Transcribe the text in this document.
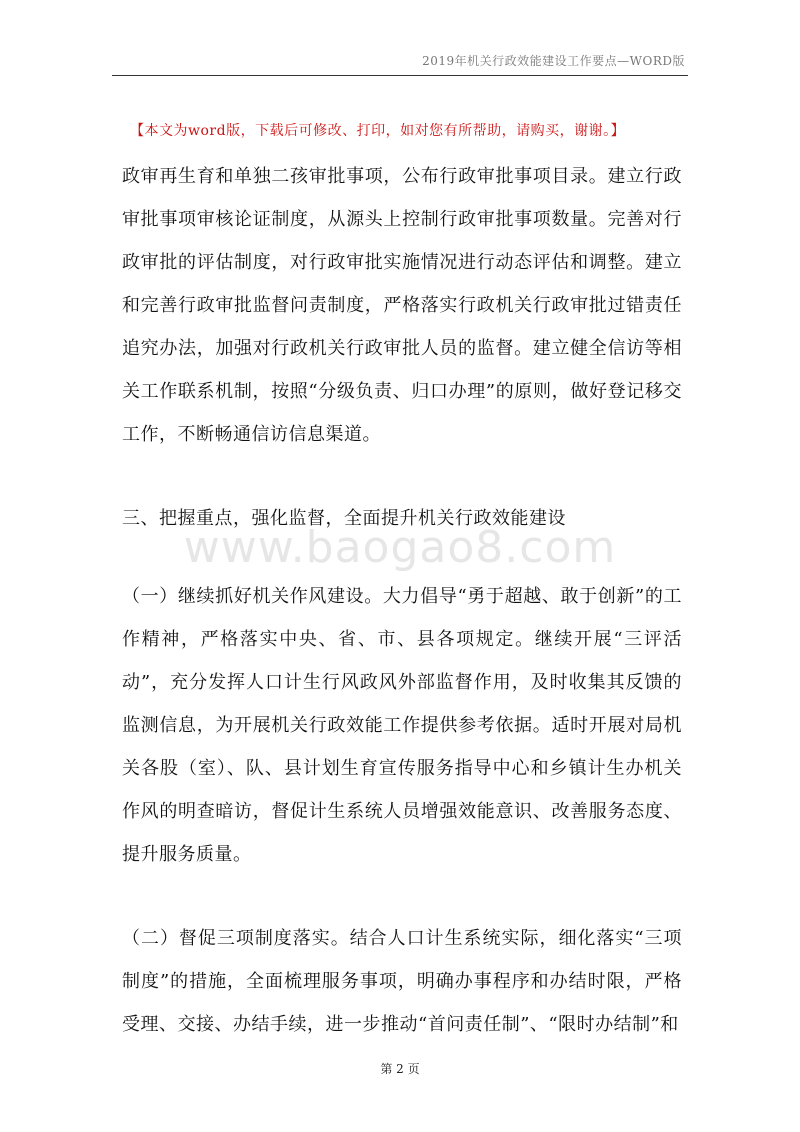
2019年机关行政效能建设工作要点—WORD版
【本文为word版，下载后可修改、打印，如对您有所帮助，请购买，谢谢。】
政审再生育和单独二孩审批事项，公布行政审批事项目录。建立行政审批事项审核论证制度，从源头上控制行政审批事项数量。完善对行政审批的评估制度，对行政审批实施情况进行动态评估和调整。建立和完善行政审批监督问责制度，严格落实行政机关行政审批过错责任追究办法，加强对行政机关行政审批人员的监督。建立健全信访等相关工作联系机制，按照“分级负责、归口办理”的原则，做好登记移交工作，不断畅通信访信息渠道。
三、把握重点，强化监督，全面提升机关行政效能建设
www.baogao8.com
（一）继续抓好机关作风建设。大力倡导“勇于超越、敢于创新”的工作精神，严格落实中央、省、市、县各项规定。继续开展“三评活动”，充分发挥人口计生行风政风外部监督作用，及时收集其反馈的监测信息，为开展机关行政效能工作提供参考依据。适时开展对局机关各股（室）、队、县计划生育宣传服务指导中心和乡镇计生办机关作风的明查暗访，督促计生系统人员增强效能意识、改善服务态度、提升服务质量。
（二）督促三项制度落实。结合人口计生系统实际，细化落实“三项制度”的措施，全面梳理服务事项，明确办事程序和办结时限，严格受理、交接、办结手续，进一步推动“首问责任制”、“限时办结制”和
第 2 页
